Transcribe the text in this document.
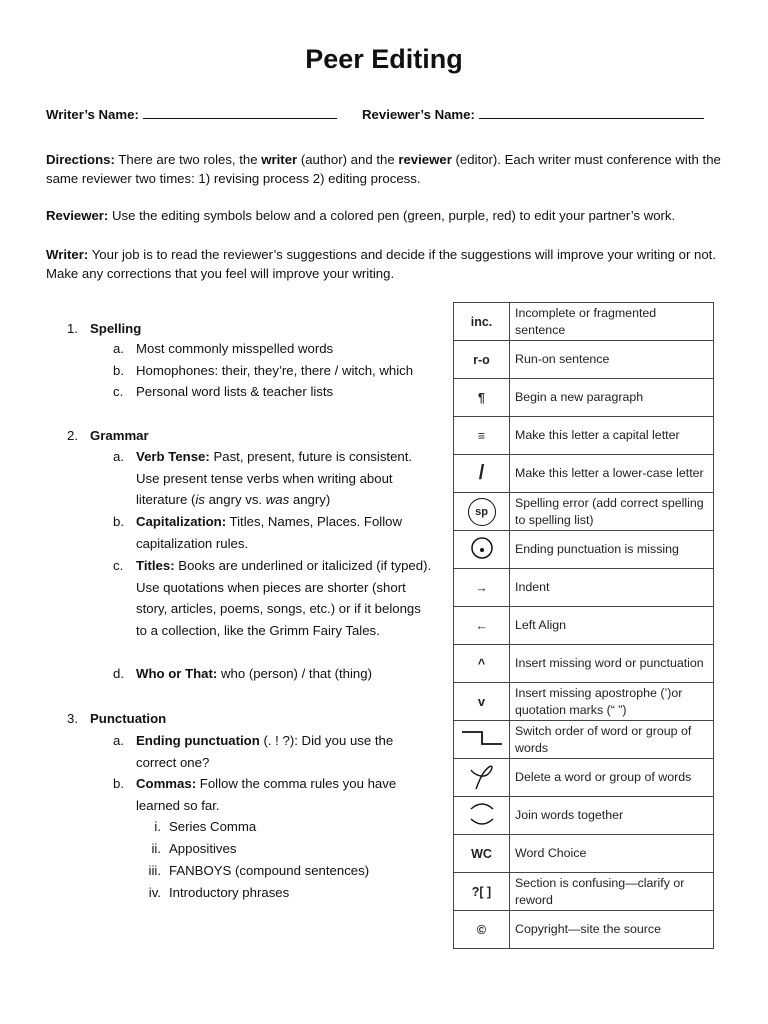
Peer Editing
Writer’s Name:	Reviewer’s Name:
Directions: There are two roles, the writer (author) and the reviewer (editor). Each writer must conference with the same reviewer two times: 1) revising process 2) editing process.
Reviewer: Use the editing symbols below and a colored pen (green, purple, red) to edit your partner’s work.
Writer: Your job is to read the reviewer’s suggestions and decide if the suggestions will improve your writing or not. Make any corrections that you feel will improve your writing.
1. Spelling
a. Most commonly misspelled words
b. Homophones: their, they’re, there / witch, which
c. Personal word lists & teacher lists
2. Grammar
a. Verb Tense: Past, present, future is consistent. Use present tense verbs when writing about literature (is angry vs. was angry)
b. Capitalization: Titles, Names, Places. Follow capitalization rules.
c. Titles: Books are underlined or italicized (if typed). Use quotations when pieces are shorter (short story, articles, poems, songs, etc.) or if it belongs to a collection, like the Grimm Fairy Tales.
d. Who or That: who (person) / that (thing)
3. Punctuation
a. Ending punctuation (. ! ?): Did you use the correct one?
b. Commas: Follow the comma rules you have learned so far.
i. Series Comma
ii. Appositives
iii. FANBOYS (compound sentences)
iv. Introductory phrases
inc.	Incomplete or fragmented sentence
r-o	Run-on sentence
¶	Begin a new paragraph
≡	Make this letter a capital letter
/	Make this letter a lower-case letter
sp	Spelling error (add correct spelling to spelling list)
	Ending punctuation is missing
→	Indent
←	Left Align
^	Insert missing word or punctuation
v	Insert missing apostrophe (’)or quotation marks (“ ”)
	Switch order of word or group of words
	Delete a word or group of words
	Join words together
WC	Word Choice
?[ ]	Section is confusing—clarify or reword
©	Copyright—site the source
